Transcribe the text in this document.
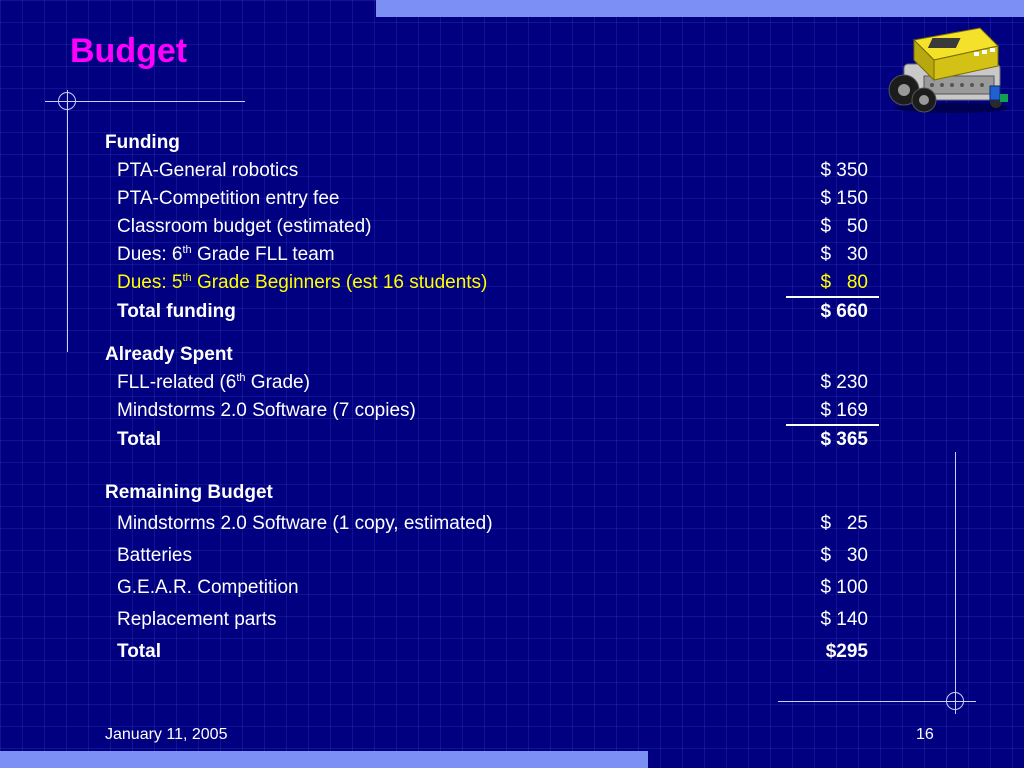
Budget
Funding
PTA-General robotics	$ 350
PTA-Competition entry fee	$ 150
Classroom budget (estimated)	$   50
Dues: 6th Grade FLL team	$   30
Dues: 5th Grade Beginners (est 16 students)	$   80
Total funding	$ 660
Already Spent
FLL-related (6th Grade)	$ 230
Mindstorms 2.0 Software (7 copies)	$ 169
Total	$ 365
Remaining Budget
Mindstorms 2.0 Software (1 copy, estimated)	$   25
Batteries	$   30
G.E.A.R. Competition	$ 100
Replacement parts	$ 140
Total	$295
January 11, 2005	16
